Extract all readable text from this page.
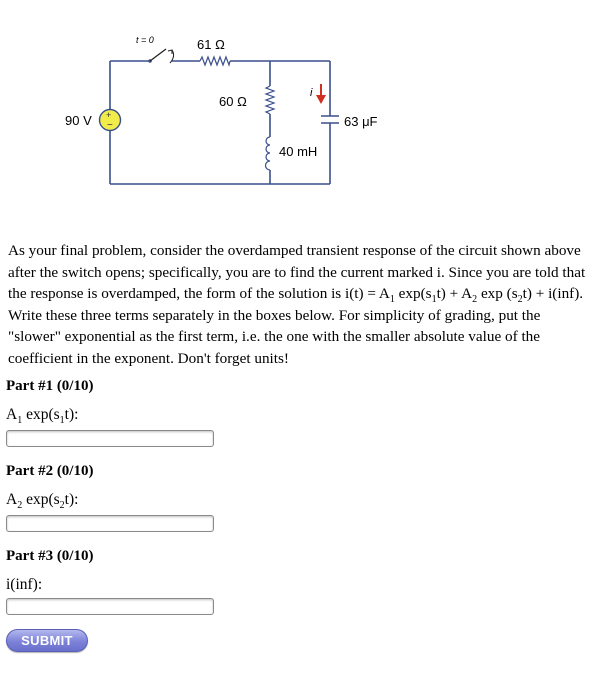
t = 0	61 Ω
60 Ω
40 mH
63 μF
i
+
−
90 V

As your final problem, consider the overdamped transient response of the circuit shown above after the switch opens; specifically, you are to find the current marked i. Since you are told that the response is overdamped, the form of the solution is $i(t) = A_1$ $\exp(s_1t) + A_2$ $\exp (s_2t) + i(inf)$. Write these three terms separately in the boxes below. For simplicity of grading, put the "slower" exponential as the first term, i.e. the one with the smaller absolute value of the coefficient in the exponent. Don't forget units!

Part #1 (0/10)

$A_1$ $\exp(s_1t)$:

Part #2 (0/10)

$A_2$ $\exp(s_2t)$:

Part #3 (0/10)

i(inf):

SUBMIT
